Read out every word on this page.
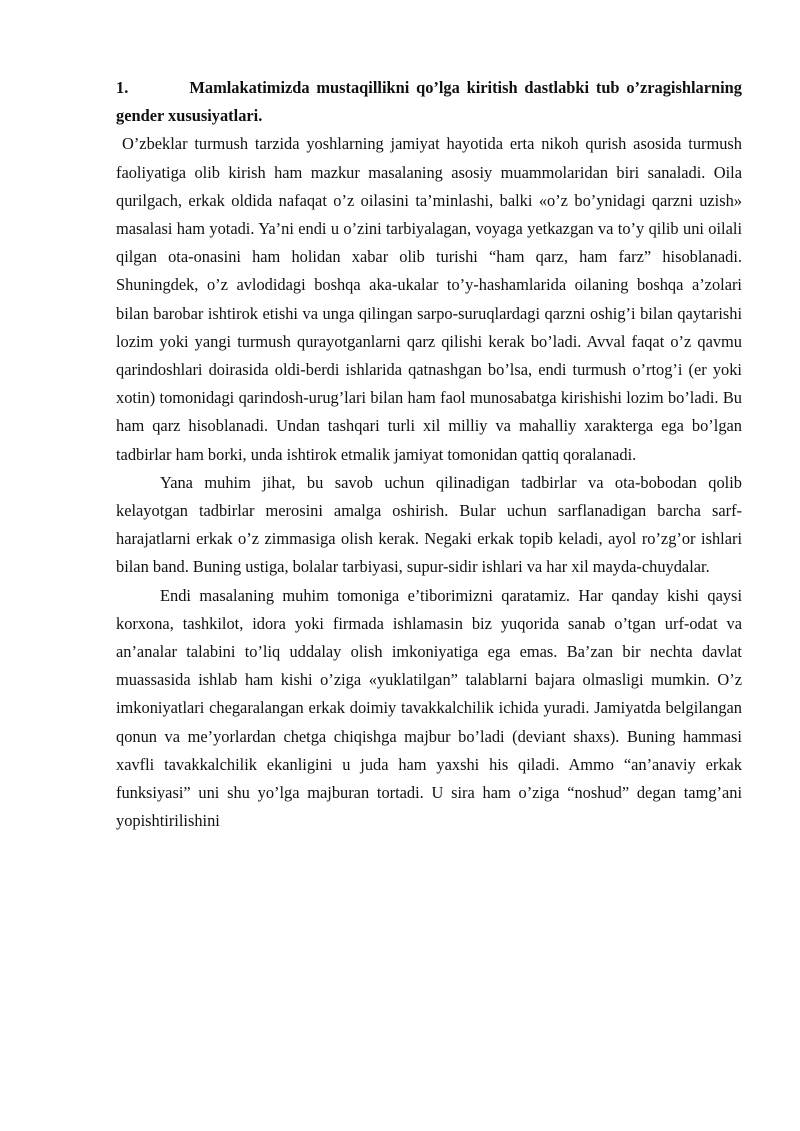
1.	Mamlakatimizda mustaqillikni qo’lga kiritish dastlabki tub o’zragishlarning gender xususiyatlari.

O’zbeklar turmush tarzida yoshlarning jamiyat hayotida erta nikoh qurish asosida turmush faoliyatiga olib kirish ham mazkur masalaning asosiy muammolaridan biri sanaladi. Oila qurilgach, erkak oldida nafaqat o’z oilasini ta’minlashi, balki «o’z bo’ynidagi qarzni uzish» masalasi ham yotadi. Ya’ni endi u o’zini tarbiyalagan, voyaga yetkazgan va to’y qilib uni oilali qilgan ota-onasini ham holidan xabar olib turishi “ham qarz, ham farz” hisoblanadi. Shuningdek, o’z avlodidagi boshqa aka-ukalar to’y-hashamlarida oilaning boshqa a’zolari bilan barobar ishtirok etishi va unga qilingan sarpo-suruqlardagi qarzni oshig’i bilan qaytarishi lozim yoki yangi turmush qurayotganlarni qarz qilishi kerak bo’ladi. Avval faqat o’z qavmu qarindoshlari doirasida oldi-berdi ishlarida qatnashgan bo’lsa, endi turmush o’rtog’i (er yoki xotin) tomonidagi qarindosh-urug’lari bilan ham faol munosabatga kirishishi lozim bo’ladi. Bu ham qarz hisoblanadi. Undan tashqari turli xil milliy va mahalliy xarakterga ega bo’lgan tadbirlar ham borki, unda ishtirok etmalik jamiyat tomonidan qattiq qoralanadi.

Yana muhim jihat, bu savob uchun qilinadigan tadbirlar va ota-bobodan qolib kelayotgan tadbirlar merosini amalga oshirish. Bular uchun sarflanadigan barcha sarf-harajatlarni erkak o’z zimmasiga olish kerak. Negaki erkak topib keladi, ayol ro’zg’or ishlari bilan band. Buning ustiga, bolalar tarbiyasi, supur-sidir ishlari va har xil mayda-chuydalar.

Endi masalaning muhim tomoniga e’tiborimizni qaratamiz. Har qanday kishi qaysi korxona, tashkilot, idora yoki firmada ishlamasin biz yuqorida sanab o’tgan urf-odat va an’analar talabini to’liq uddalay olish imkoniyatiga ega emas. Ba’zan bir nechta davlat muassasida ishlab ham kishi o’ziga «yuklatilgan” talablarni bajara olmasligi mumkin. O’z imkoniyatlari chegaralangan erkak doimiy tavakkalchilik ichida yuradi. Jamiyatda belgilangan qonun va me’yorlardan chetga chiqishga majbur bo’ladi (deviant shaxs). Buning hammasi xavfli tavakkalchilik ekanligini u juda ham yaxshi his qiladi. Ammo “an’anaviy erkak funksiyasi” uni shu yo’lga majburan tortadi. U sira ham o’ziga “noshud” degan tamg’ani yopishtirilishini
